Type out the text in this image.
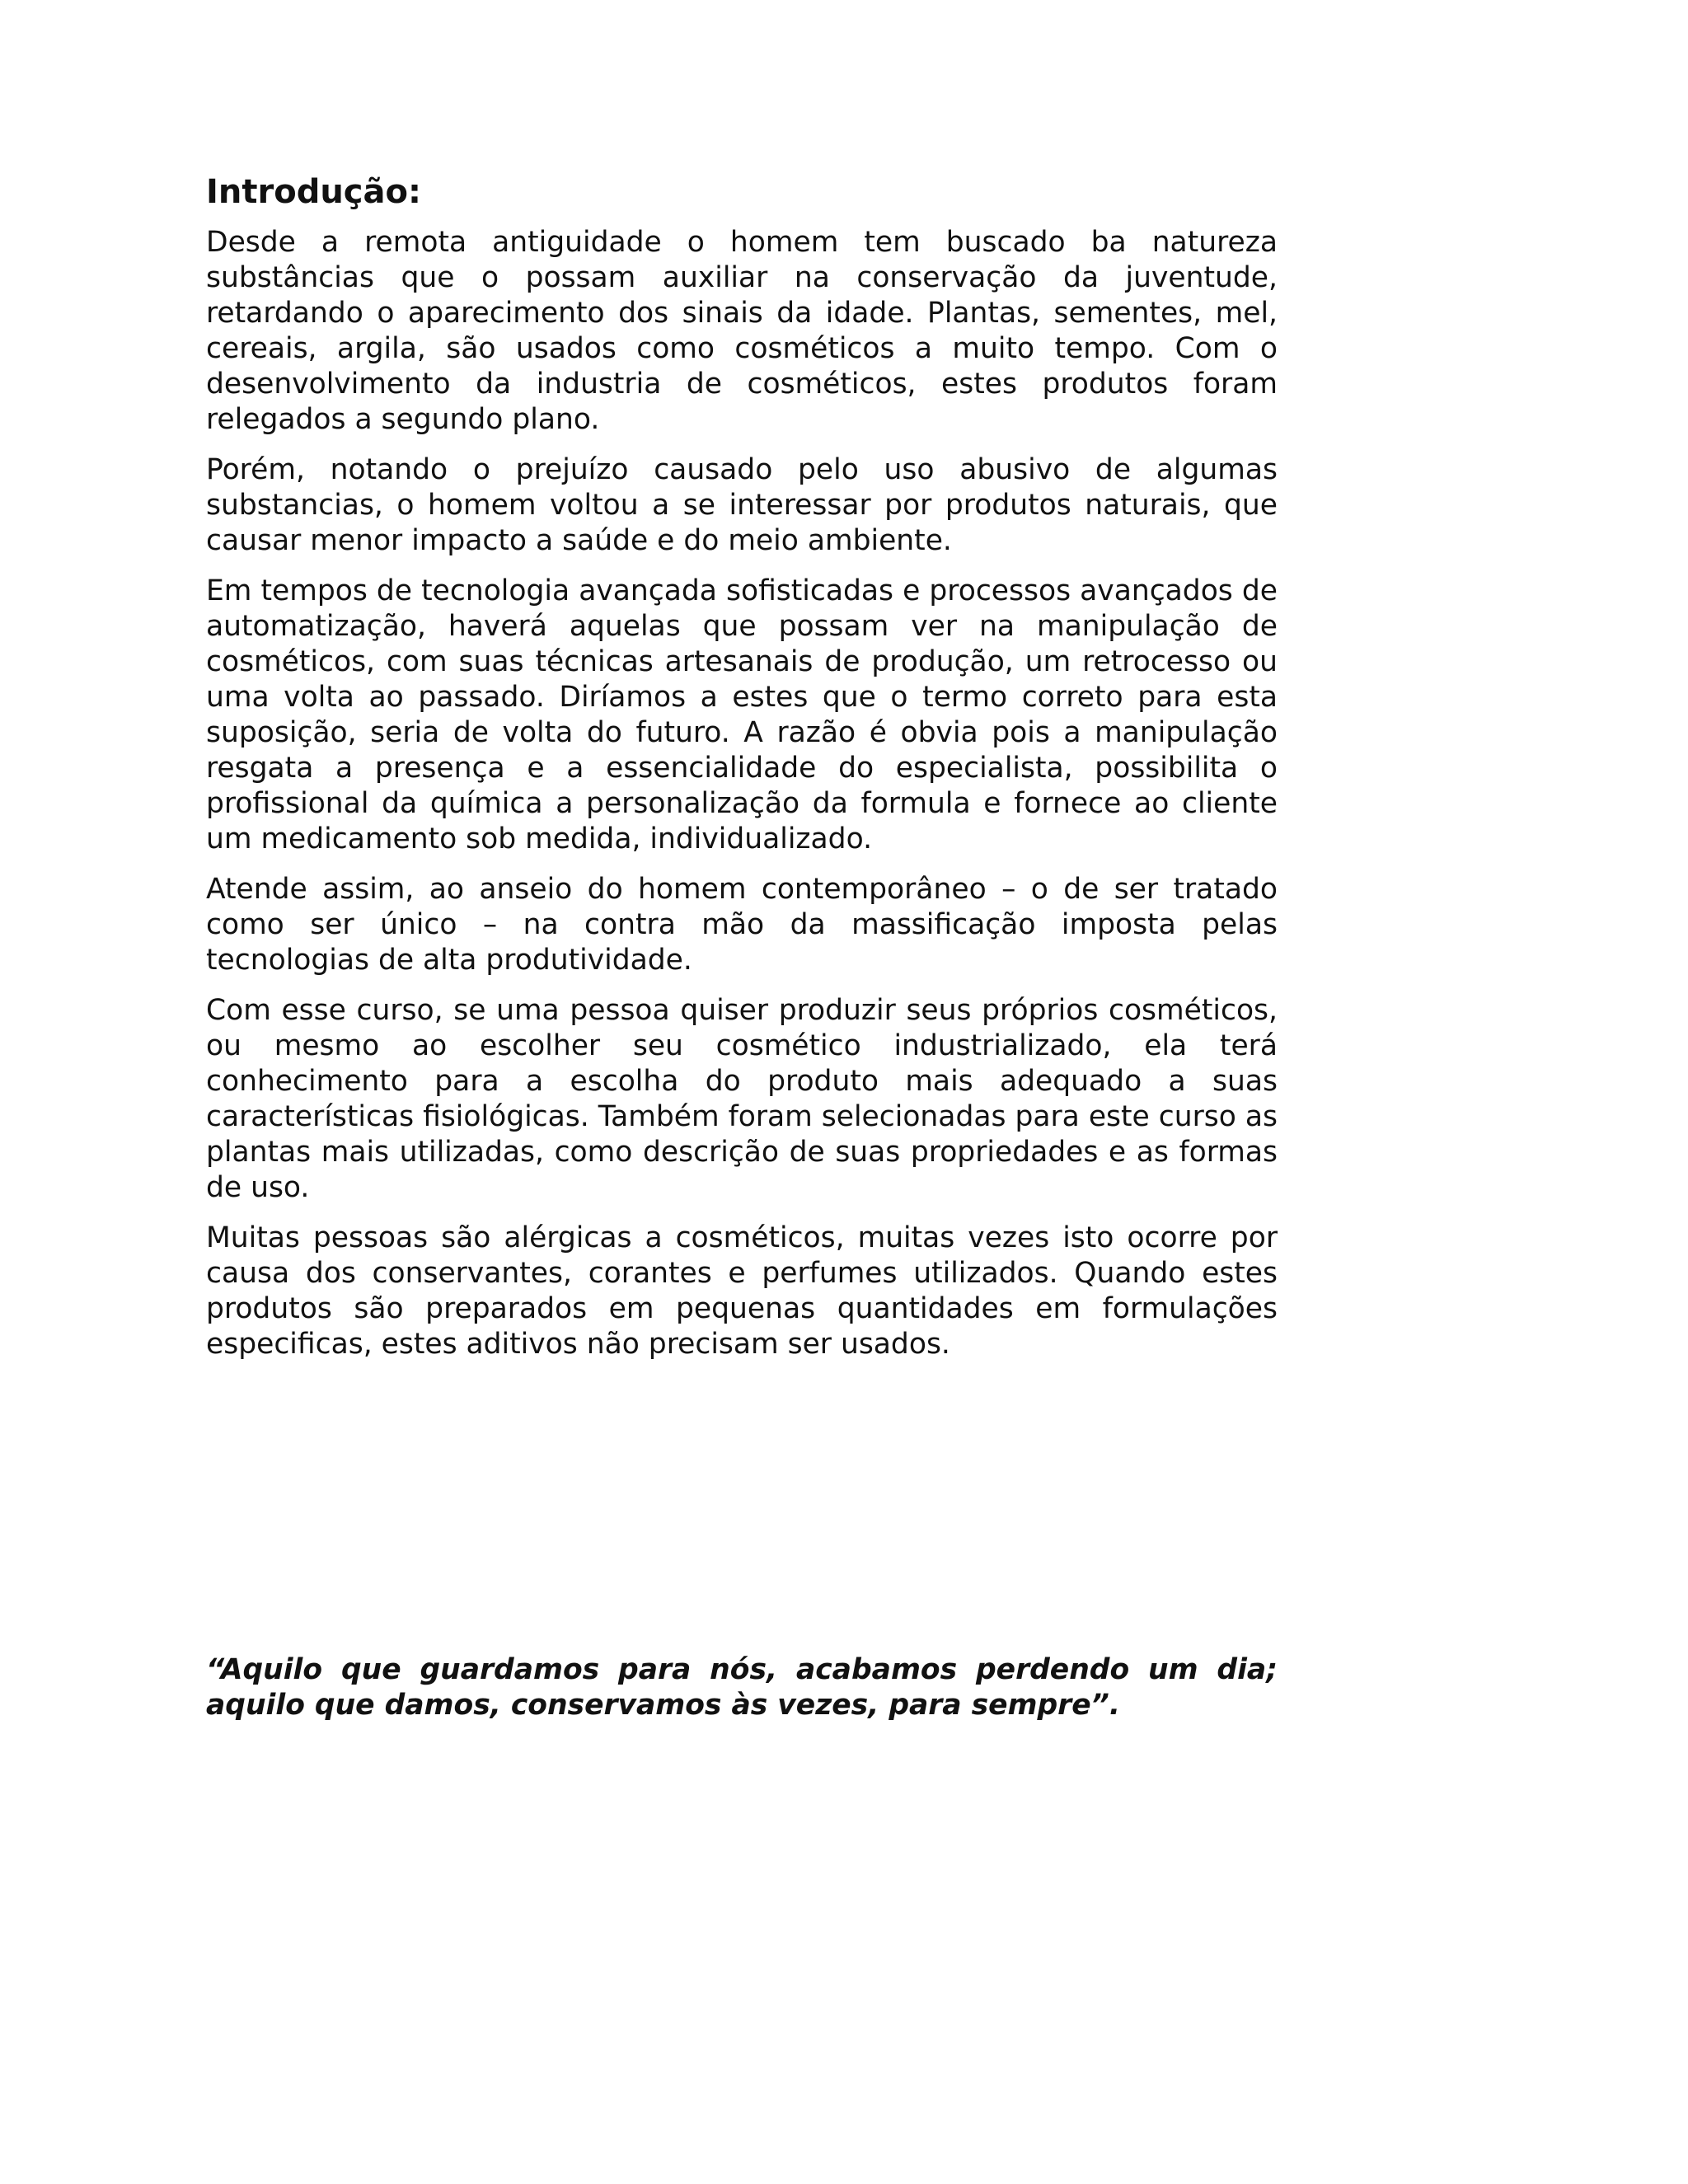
Introdução:

Desde a remota antiguidade o homem tem buscado ba natureza substâncias que o possam auxiliar na conservação da juventude, retardando o aparecimento dos sinais da idade. Plantas, sementes, mel, cereais, argila, são usados como cosméticos a muito tempo. Com o desenvolvimento da industria de cosméticos, estes produtos foram relegados a segundo plano.

Porém, notando o prejuízo causado pelo uso abusivo de algumas substancias, o homem voltou a se interessar por produtos naturais, que causar menor impacto a saúde e do meio ambiente.

Em tempos de tecnologia avançada sofisticadas e processos avançados de automatização, haverá aquelas que possam ver na manipulação de cosméticos, com suas técnicas artesanais de produção, um retrocesso ou uma volta ao passado. Diríamos a estes que o termo correto para esta suposição, seria de volta do futuro. A razão é obvia pois a manipulação resgata a presença e a essencialidade do especialista, possibilita o profissional da química a personalização da formula e fornece ao cliente um medicamento sob medida, individualizado.

Atende assim, ao anseio do homem contemporâneo – o de ser tratado como ser único – na contra mão da massificação imposta pelas tecnologias de alta produtividade.

Com esse curso, se uma pessoa quiser produzir seus próprios cosméticos, ou mesmo ao escolher seu cosmético industrializado, ela terá conhecimento para a escolha do produto mais adequado a suas características fisiológicas. Também foram selecionadas para este curso as plantas mais utilizadas, como descrição de suas propriedades e as formas de uso.

Muitas pessoas são alérgicas a cosméticos, muitas vezes isto ocorre por causa dos conservantes, corantes e perfumes utilizados. Quando estes produtos são preparados em pequenas quantidades em formulações especificas, estes aditivos não precisam ser usados.

“Aquilo que guardamos para nós, acabamos perdendo um dia; aquilo que damos, conservamos às vezes, para sempre”.
